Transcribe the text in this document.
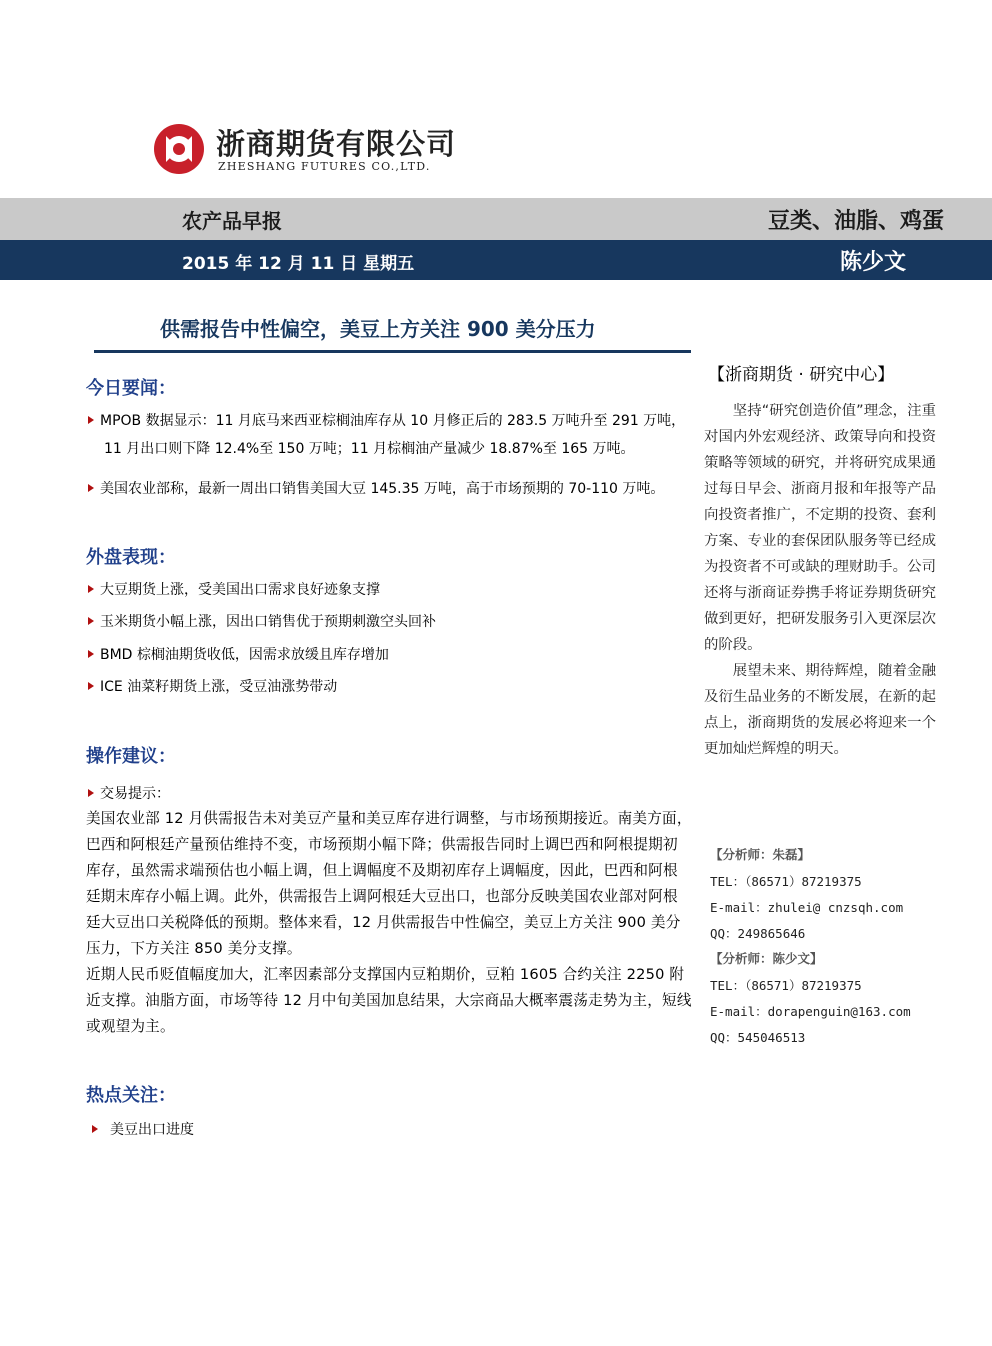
浙商期货有限公司
ZHESHANG FUTURES CO.,LTD.
农产品早报	豆类、油脂、鸡蛋
2015 年 12 月 11 日 星期五	陈少文
供需报告中性偏空，美豆上方关注 900 美分压力
今日要闻：
MPOB 数据显示：11 月底马来西亚棕榈油库存从 10 月修正后的 283.5 万吨升至 291 万吨，
11 月出口则下降 12.4%至 150 万吨；11 月棕榈油产量减少 18.87%至 165 万吨。
美国农业部称，最新一周出口销售美国大豆 145.35 万吨，高于市场预期的 70-110 万吨。
外盘表现：
大豆期货上涨，受美国出口需求良好迹象支撑
玉米期货小幅上涨，因出口销售优于预期刺激空头回补
BMD 棕榈油期货收低，因需求放缓且库存增加
ICE 油菜籽期货上涨，受豆油涨势带动
操作建议：
交易提示：
美国农业部 12 月供需报告未对美豆产量和美豆库存进行调整，与市场预期接近。南美方面，巴西和阿根廷产量预估维持不变，市场预期小幅下降；供需报告同时上调巴西和阿根提期初库存，虽然需求端预估也小幅上调，但上调幅度不及期初库存上调幅度，因此，巴西和阿根廷期末库存小幅上调。此外，供需报告上调阿根廷大豆出口，也部分反映美国农业部对阿根廷大豆出口关税降低的预期。整体来看，12 月供需报告中性偏空，美豆上方关注 900 美分压力，下方关注 850 美分支撑。
近期人民币贬值幅度加大，汇率因素部分支撑国内豆粕期价，豆粕 1605 合约关注 2250 附近支撑。油脂方面，市场等待 12 月中旬美国加息结果，大宗商品大概率震荡走势为主，短线或观望为主。
热点关注：
美豆出口进度
【浙商期货 · 研究中心】

坚持“研究创造价值”理念，注重对国内外宏观经济、政策导向和投资策略等领域的研究，并将研究成果通过每日早会、浙商月报和年报等产品向投资者推广，不定期的投资、套利方案、专业的套保团队服务等已经成为投资者不可或缺的理财助手。公司还将与浙商证券携手将证券期货研究做到更好，把研发服务引入更深层次的阶段。

展望未来、期待辉煌，随着金融及衍生品业务的不断发展，在新的起点上，浙商期货的发展必将迎来一个更加灿烂辉煌的明天。

【分析师：朱磊】
TEL：（86571）87219375
E-mail：zhulei@ cnzsqh.com
QQ：249865646
【分析师：陈少文】
TEL：（86571）87219375
E-mail：dorapenguin@163.com
QQ：545046513
